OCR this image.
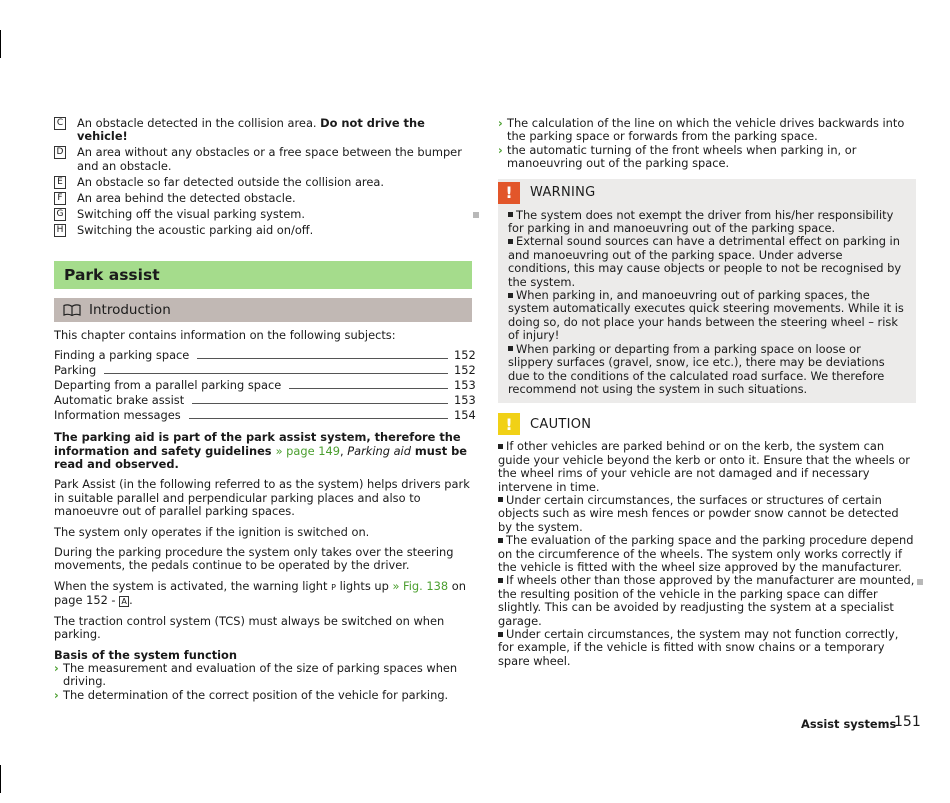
C An obstacle detected in the collision area. Do not drive the vehicle!
D An area without any obstacles or a free space between the bumper and an obstacle.
E An obstacle so far detected outside the collision area.
F An area behind the detected obstacle.
G Switching off the visual parking system.
H Switching the acoustic parking aid on/off.
Park assist
Introduction
This chapter contains information on the following subjects:
Finding a parking space	152
Parking	152
Departing from a parallel parking space	153
Automatic brake assist	153
Information messages	154
The parking aid is part of the park assist system, therefore the information and safety guidelines » page 149, Parking aid must be read and observed.
Park Assist (in the following referred to as the system) helps drivers park in suitable parallel and perpendicular parking places and also to manoeuvre out of parallel parking spaces.
The system only operates if the ignition is switched on.
During the parking procedure the system only takes over the steering movements, the pedals continue to be operated by the driver.
When the system is activated, the warning light P lights up » Fig. 138 on page 152 - A .
The traction control system (TCS) must always be switched on when parking.
Basis of the system function
› The measurement and evaluation of the size of parking spaces when driving.
› The determination of the correct position of the vehicle for parking.
› The calculation of the line on which the vehicle drives backwards into the parking space or forwards from the parking space.
› the automatic turning of the front wheels when parking in, or manoeuvring out of the parking space.
!	WARNING
The system does not exempt the driver from his/her responsibility for parking in and manoeuvring out of the parking space.
External sound sources can have a detrimental effect on parking in and manoeuvring out of the parking space. Under adverse conditions, this may cause objects or people to not be recognised by the system.
When parking in, and manoeuvring out of parking spaces, the system automatically executes quick steering movements. While it is doing so, do not place your hands between the steering wheel – risk of injury!
When parking or departing from a parking space on loose or slippery surfaces (gravel, snow, ice etc.), there may be deviations due to the conditions of the calculated road surface. We therefore recommend not using the system in such situations.
!	CAUTION
If other vehicles are parked behind or on the kerb, the system can guide your vehicle beyond the kerb or onto it. Ensure that the wheels or the wheel rims of your vehicle are not damaged and if necessary intervene in time.
Under certain circumstances, the surfaces or structures of certain objects such as wire mesh fences or powder snow cannot be detected by the system.
The evaluation of the parking space and the parking procedure depend on the circumference of the wheels. The system only works correctly if the vehicle is fitted with the wheel size approved by the manufacturer.
If wheels other than those approved by the manufacturer are mounted, the resulting position of the vehicle in the parking space can differ slightly. This can be avoided by readjusting the system at a specialist garage.
Under certain circumstances, the system may not function correctly, for example, if the vehicle is fitted with snow chains or a temporary spare wheel.
Assist systems
151
